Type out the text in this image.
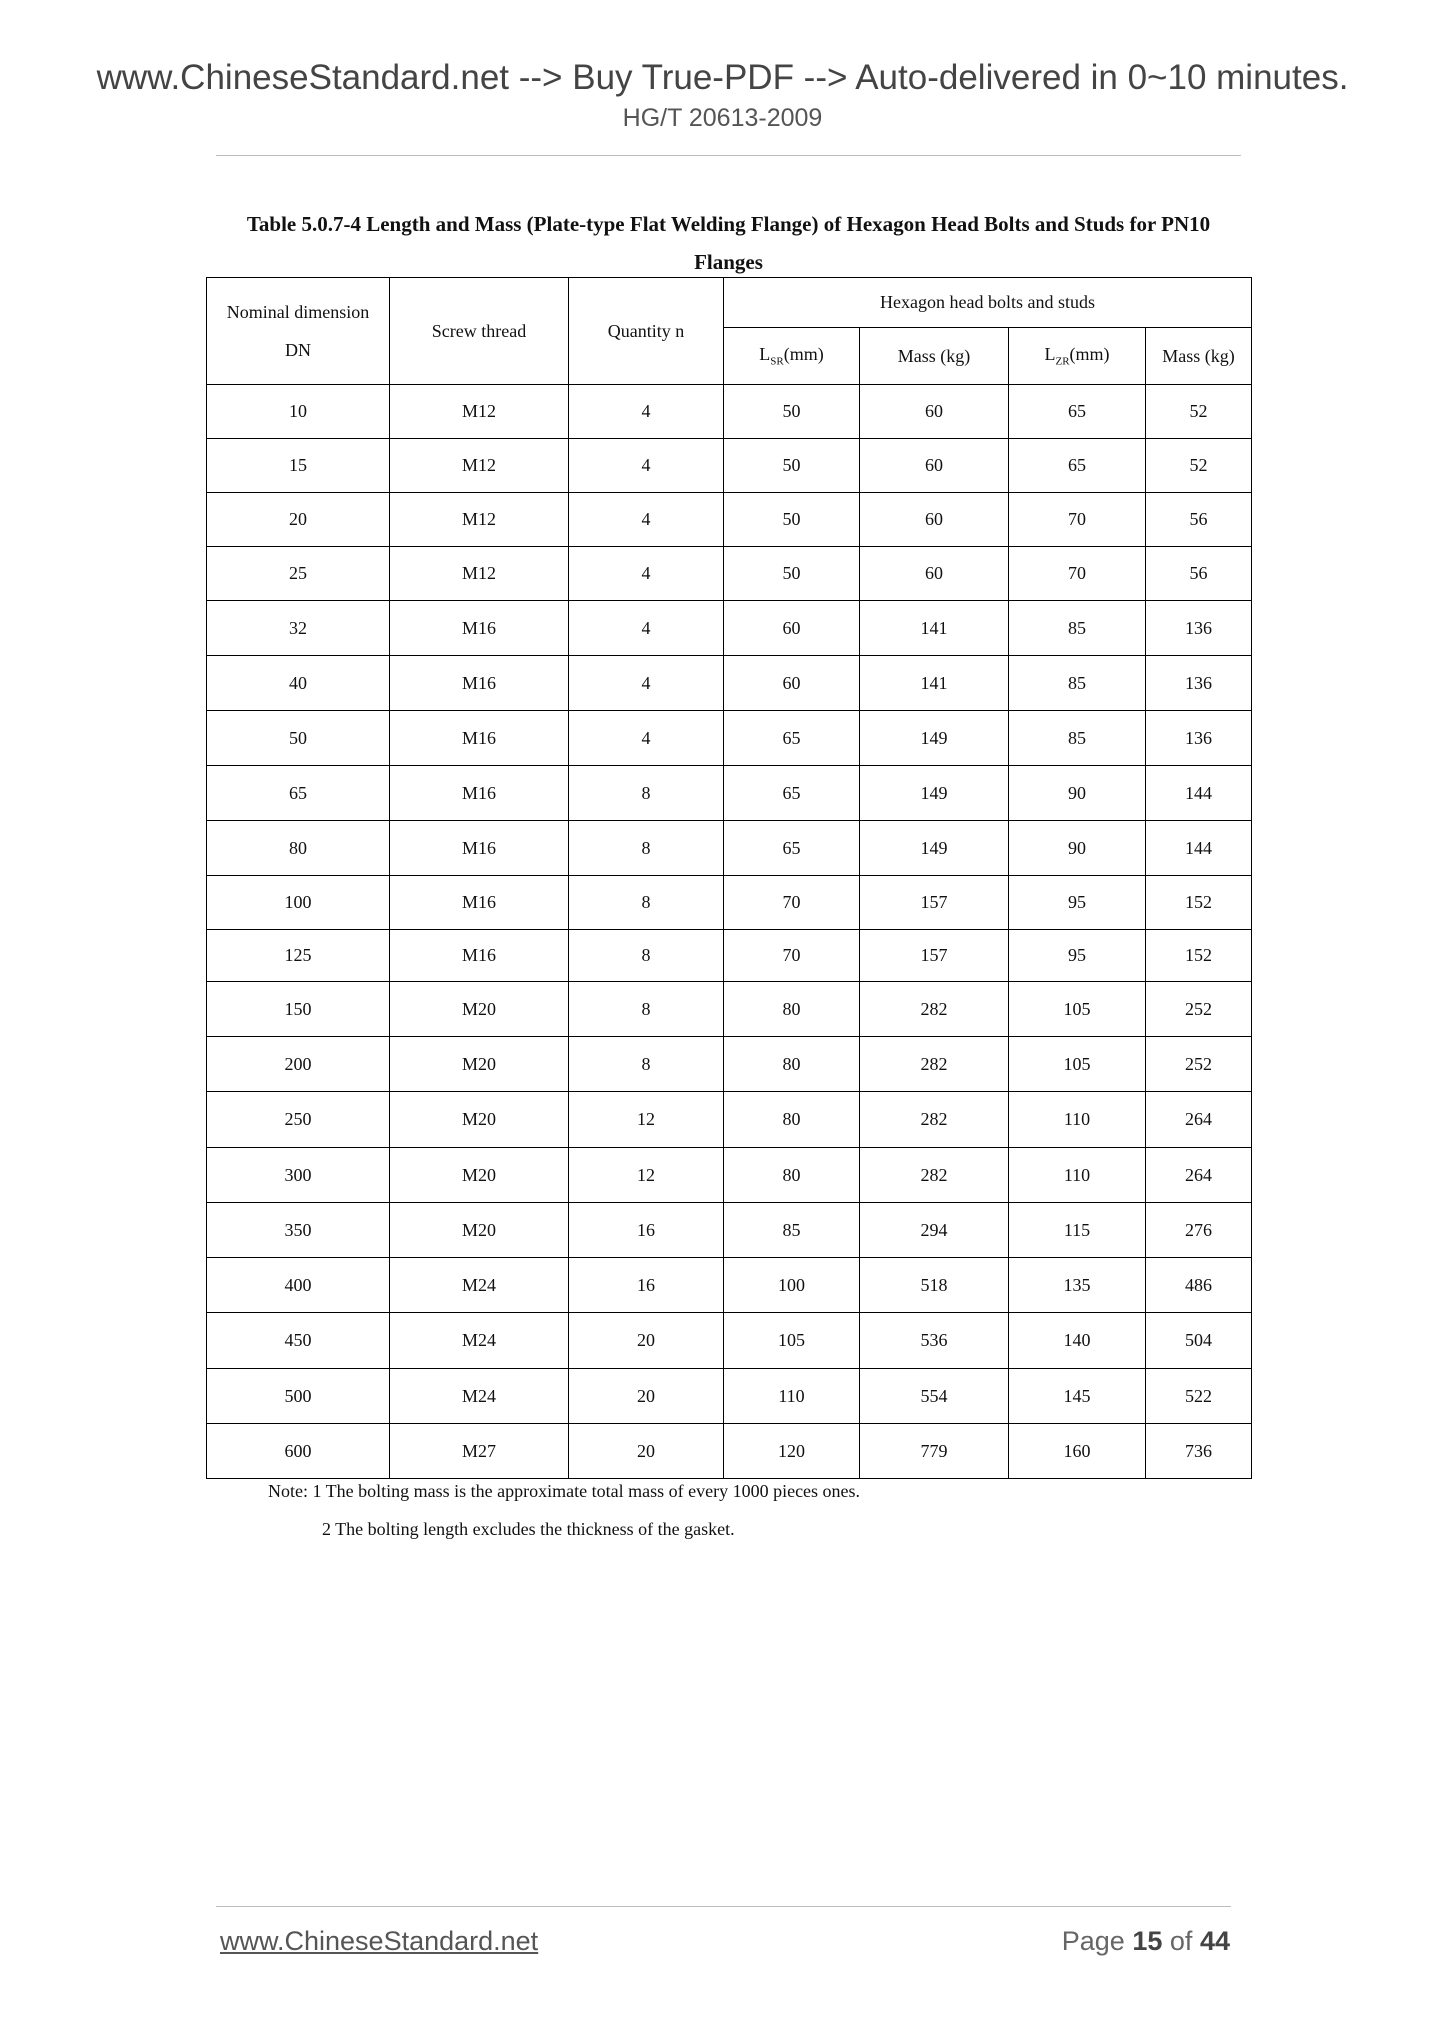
www.ChineseStandard.net --> Buy True-PDF --> Auto-delivered in 0~10 minutes.
HG/T 20613-2009
Table 5.0.7-4 Length and Mass (Plate-type Flat Welding Flange) of Hexagon Head Bolts and Studs for PN10
Flanges
Nominal dimension
DN	Screw thread	Quantity n	Hexagon head bolts and studs			
			$L_{SR}(mm)$	Mass (kg)	$L_{ZR}(mm)$	Mass (kg)
10	M12	4	50	60	65	52
15	M12	4	50	60	65	52
20	M12	4	50	60	70	56
25	M12	4	50	60	70	56
32	M16	4	60	141	85	136
40	M16	4	60	141	85	136
50	M16	4	65	149	85	136
65	M16	8	65	149	90	144
80	M16	8	65	149	90	144
100	M16	8	70	157	95	152
125	M16	8	70	157	95	152
150	M20	8	80	282	105	252
200	M20	8	80	282	105	252
250	M20	12	80	282	110	264
300	M20	12	80	282	110	264
350	M20	16	85	294	115	276
400	M24	16	100	518	135	486
450	M24	20	105	536	140	504
500	M24	20	110	554	145	522
600	M27	20	120	779	160	736
Note: 1 The bolting mass is the approximate total mass of every 1000 pieces ones.
2 The bolting length excludes the thickness of the gasket.
www.ChineseStandard.net	Page 15 of 44
